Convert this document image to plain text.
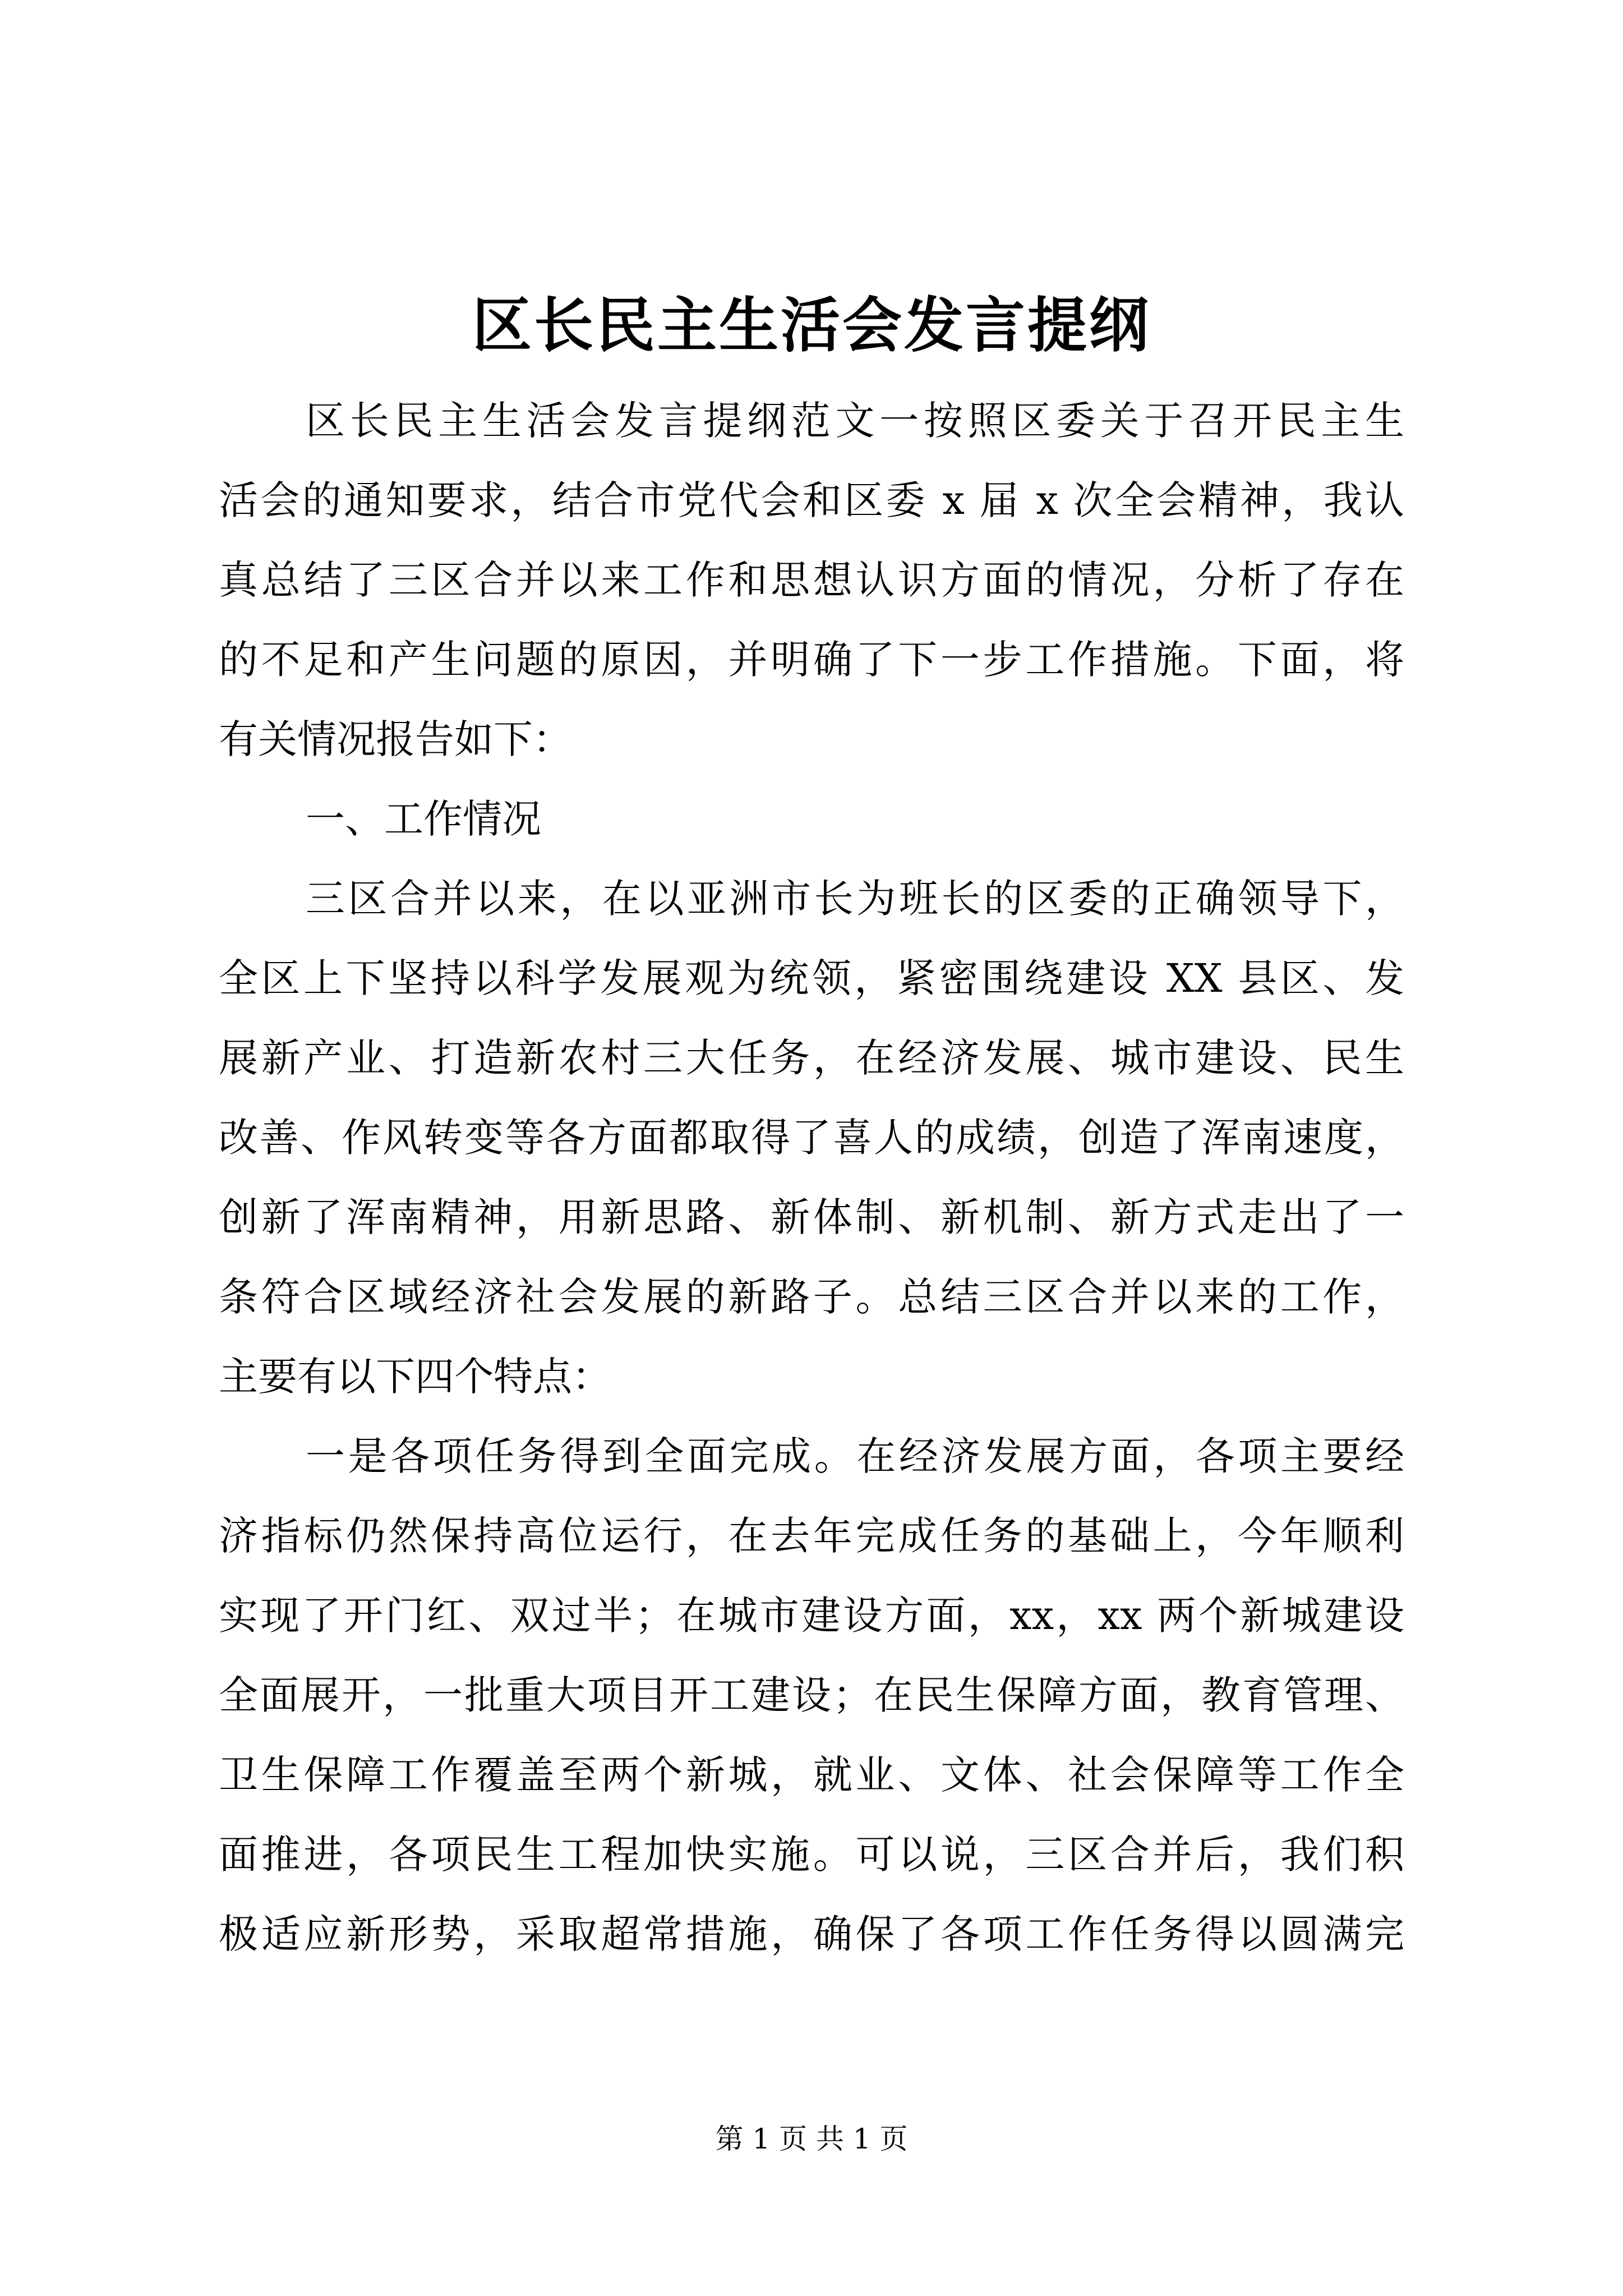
区长民主生活会发言提纲
区长民主生活会发言提纲范文一按照区委关于召开民主生
活会的通知要求，结合市党代会和区委 x 届 x 次全会精神，我认
真总结了三区合并以来工作和思想认识方面的情况，分析了存在
的不足和产生问题的原因，并明确了下一步工作措施。下面，将
有关情况报告如下：
一、工作情况
三区合并以来，在以亚洲市长为班长的区委的正确领导下，
全区上下坚持以科学发展观为统领，紧密围绕建设 XX 县区、发
展新产业、打造新农村三大任务，在经济发展、城市建设、民生
改善、作风转变等各方面都取得了喜人的成绩，创造了浑南速度，
创新了浑南精神，用新思路、新体制、新机制、新方式走出了一
条符合区域经济社会发展的新路子。总结三区合并以来的工作，
主要有以下四个特点：
一是各项任务得到全面完成。在经济发展方面，各项主要经
济指标仍然保持高位运行，在去年完成任务的基础上，今年顺利
实现了开门红、双过半；在城市建设方面，xx，xx 两个新城建设
全面展开，一批重大项目开工建设；在民生保障方面，教育管理、
卫生保障工作覆盖至两个新城，就业、文体、社会保障等工作全
面推进，各项民生工程加快实施。可以说，三区合并后，我们积
极适应新形势，采取超常措施，确保了各项工作任务得以圆满完
第 1 页 共 1 页
